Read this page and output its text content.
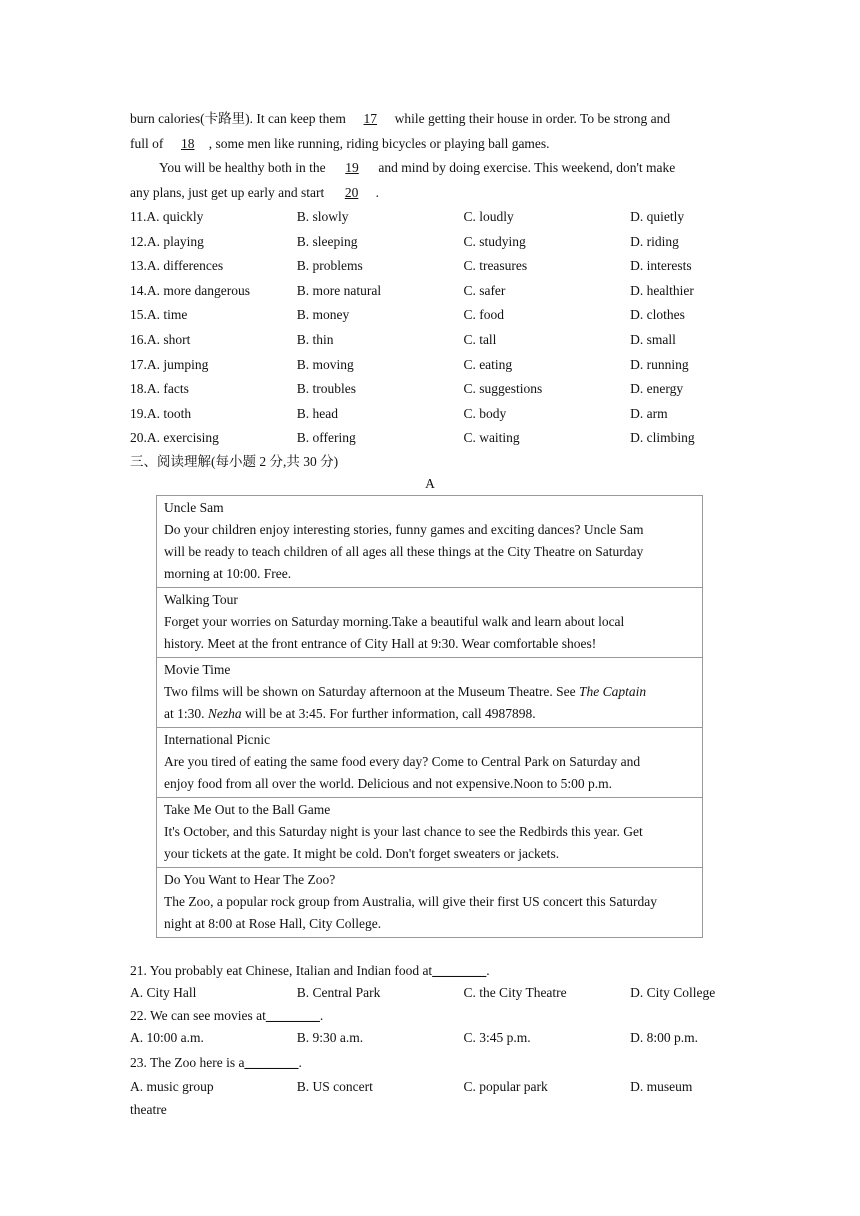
burn calories(卡路里). It can keep them 17 while getting their house in order. To be strong and
full of 18 , some men like running, riding bicycles or playing ball games.
You will be healthy both in the 19 and mind by doing exercise. This weekend, don't make
any plans, just get up early and start 20 .
11.A. quickly	B. slowly	C. loudly	D. quietly
12.A. playing	B. sleeping	C. studying	D. riding
13.A. differences	B. problems	C. treasures	D. interests
14.A. more dangerous	B. more natural	C. safer	D. healthier
15.A. time	B. money	C. food	D. clothes
16.A. short	B. thin	C. tall	D. small
17.A. jumping	B. moving	C. eating	D. running
18.A. facts	B. troubles	C. suggestions	D. energy
19.A. tooth	B. head	C. body	D. arm
20.A. exercising	B. offering	C. waiting	D. climbing
三、阅读理解(每小题 2 分,共 30 分)
A
Uncle Sam
Do your children enjoy interesting stories, funny games and exciting dances? Uncle Sam
will be ready to teach children of all ages all these things at the City Theatre on Saturday
morning at 10:00. Free.

Walking Tour
Forget your worries on Saturday morning.Take a beautiful walk and learn about local
history. Meet at the front entrance of City Hall at 9:30. Wear comfortable shoes!

Movie Time
Two films will be shown on Saturday afternoon at the Museum Theatre. See The Captain
at 1:30. Nezha will be at 3:45. For further information, call 4987898.

International Picnic
Are you tired of eating the same food every day? Come to Central Park on Saturday and
enjoy food from all over the world. Delicious and not expensive.Noon to 5:00 p.m.

Take Me Out to the Ball Game
It's October, and this Saturday night is your last chance to see the Redbirds this year. Get
your tickets at the gate. It might be cold. Don't forget sweaters or jackets.

Do You Want to Hear The Zoo?
The Zoo, a popular rock group from Australia, will give their first US concert this Saturday
night at 8:00 at Rose Hall, City College.
21. You probably eat Chinese, Italian and Indian food at________.
A. City Hall	B. Central Park	C. the City Theatre	D. City College
22. We can see movies at________.
A. 10:00 a.m.	B. 9:30 a.m.	C. 3:45 p.m.	D. 8:00 p.m.
23. The Zoo here is a________.
A. music group	B. US concert	C. popular park	D. museum
theatre
